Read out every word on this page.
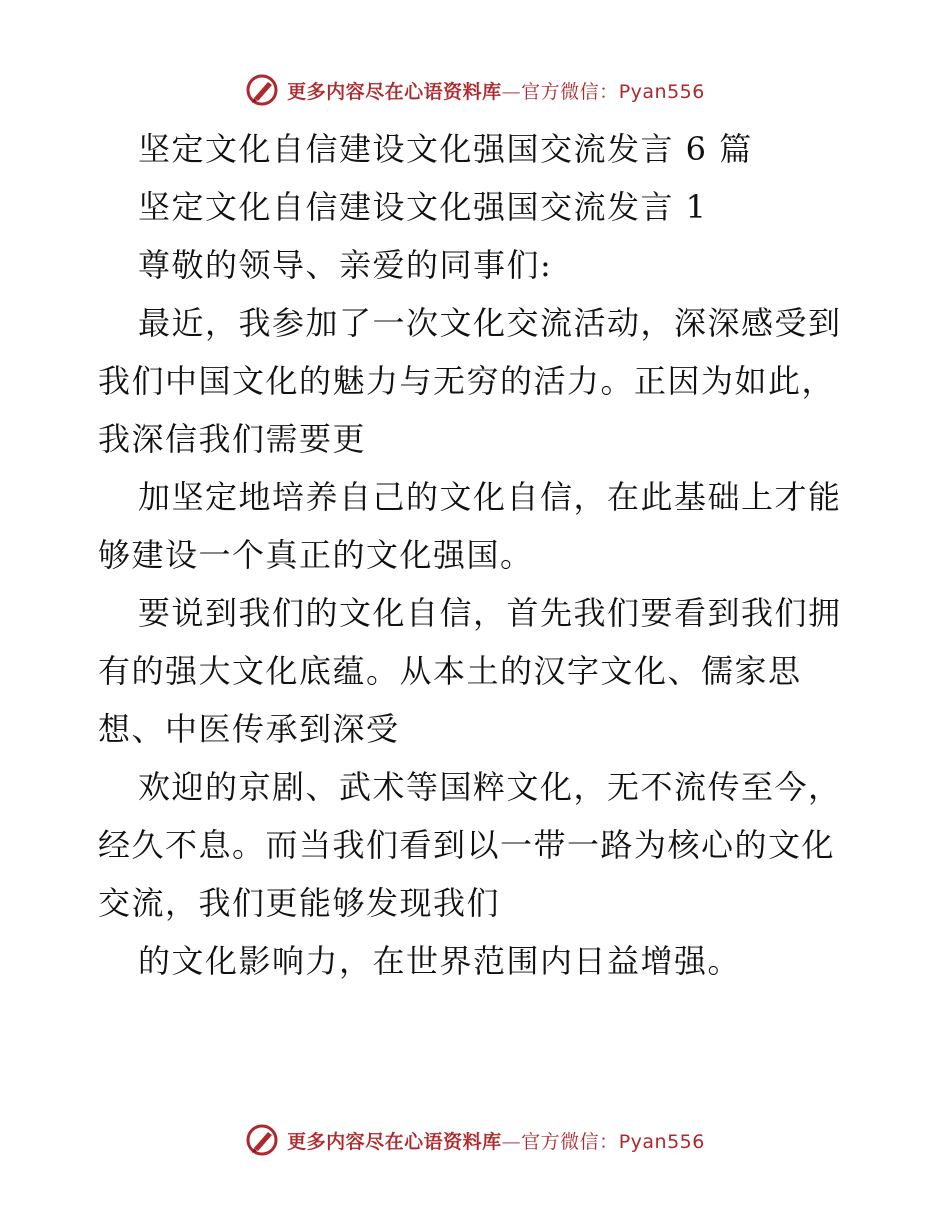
更多内容尽在心语资料库—官方微信：Pyan556

坚定文化自信建设文化强国交流发言 6 篇

坚定文化自信建设文化强国交流发言 1

尊敬的领导、亲爱的同事们:

最近，我参加了一次文化交流活动，深深感受到

我们中国文化的魅力与无穷的活力。正因为如此，

我深信我们需要更

加坚定地培养自己的文化自信，在此基础上才能

够建设一个真正的文化强国。

要说到我们的文化自信，首先我们要看到我们拥

有的强大文化底蕴。从本土的汉字文化、儒家思

想、中医传承到深受

欢迎的京剧、武术等国粹文化，无不流传至今，

经久不息。而当我们看到以一带一路为核心的文化

交流，我们更能够发现我们

的文化影响力，在世界范围内日益增强。

更多内容尽在心语资料库—官方微信：Pyan556
